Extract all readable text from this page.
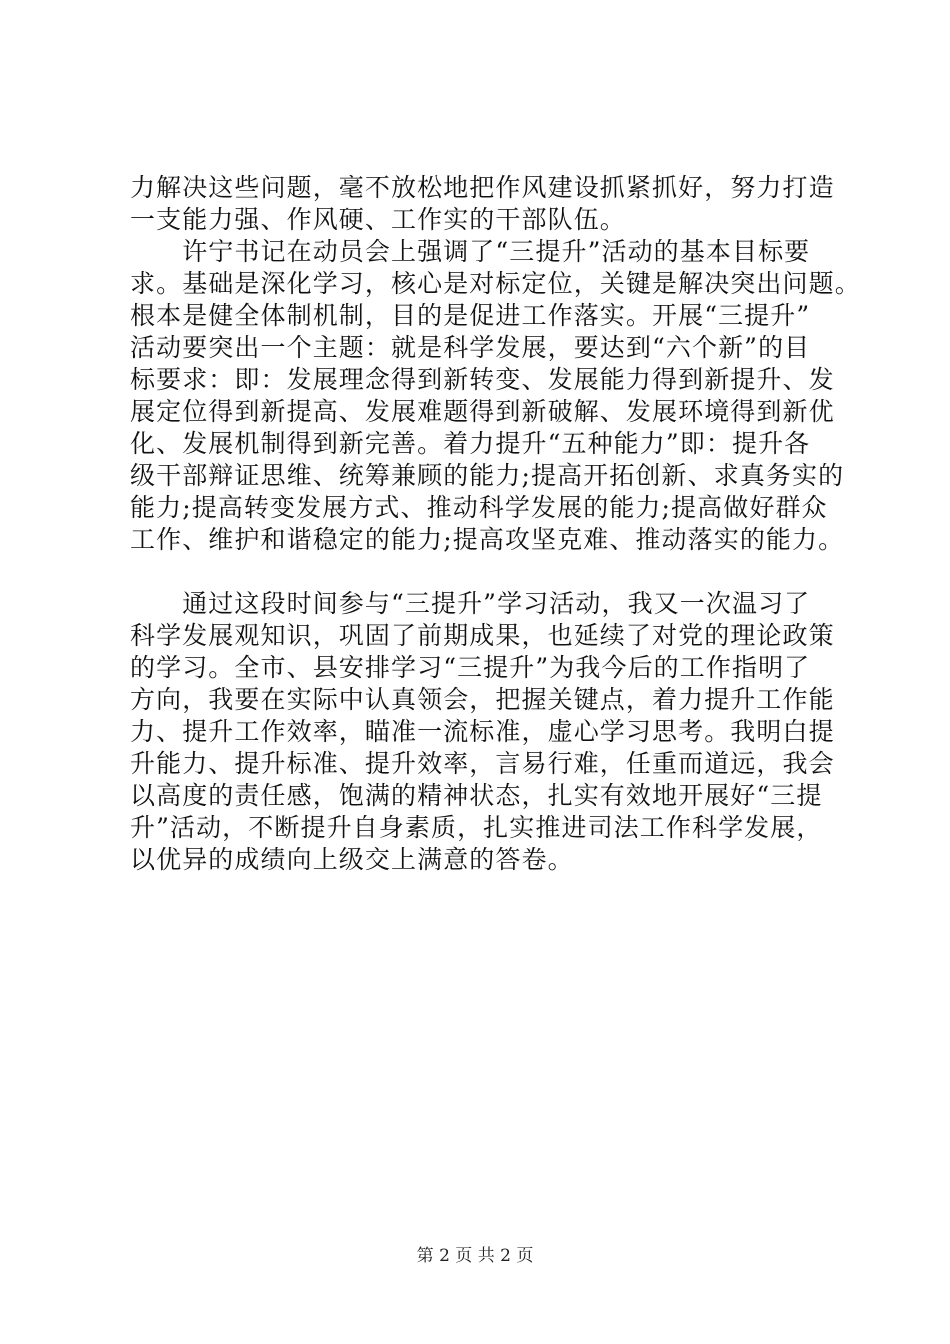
力解决这些问题，毫不放松地把作风建设抓紧抓好，努力打造
一支能力强、作风硬、工作实的干部队伍。
　　许宁书记在动员会上强调了“三提升”活动的基本目标要
求。基础是深化学习，核心是对标定位，关键是解决突出问题。
根本是健全体制机制，目的是促进工作落实。开展“三提升”
活动要突出一个主题：就是科学发展，要达到“六个新”的目
标要求：即：发展理念得到新转变、发展能力得到新提升、发
展定位得到新提高、发展难题得到新破解、发展环境得到新优
化、发展机制得到新完善。着力提升“五种能力”即：提升各
级干部辩证思维、统筹兼顾的能力;提高开拓创新、求真务实的
能力;提高转变发展方式、推动科学发展的能力;提高做好群众
工作、维护和谐稳定的能力;提高攻坚克难、推动落实的能力。
　　通过这段时间参与“三提升”学习活动，我又一次温习了
科学发展观知识，巩固了前期成果，也延续了对党的理论政策
的学习。全市、县安排学习“三提升”为我今后的工作指明了
方向，我要在实际中认真领会，把握关键点，着力提升工作能
力、提升工作效率，瞄准一流标准，虚心学习思考。我明白提
升能力、提升标准、提升效率，言易行难，任重而道远，我会
以高度的责任感，饱满的精神状态，扎实有效地开展好“三提
升”活动，不断提升自身素质，扎实推进司法工作科学发展，
以优异的成绩向上级交上满意的答卷。
第 2 页 共 2 页
